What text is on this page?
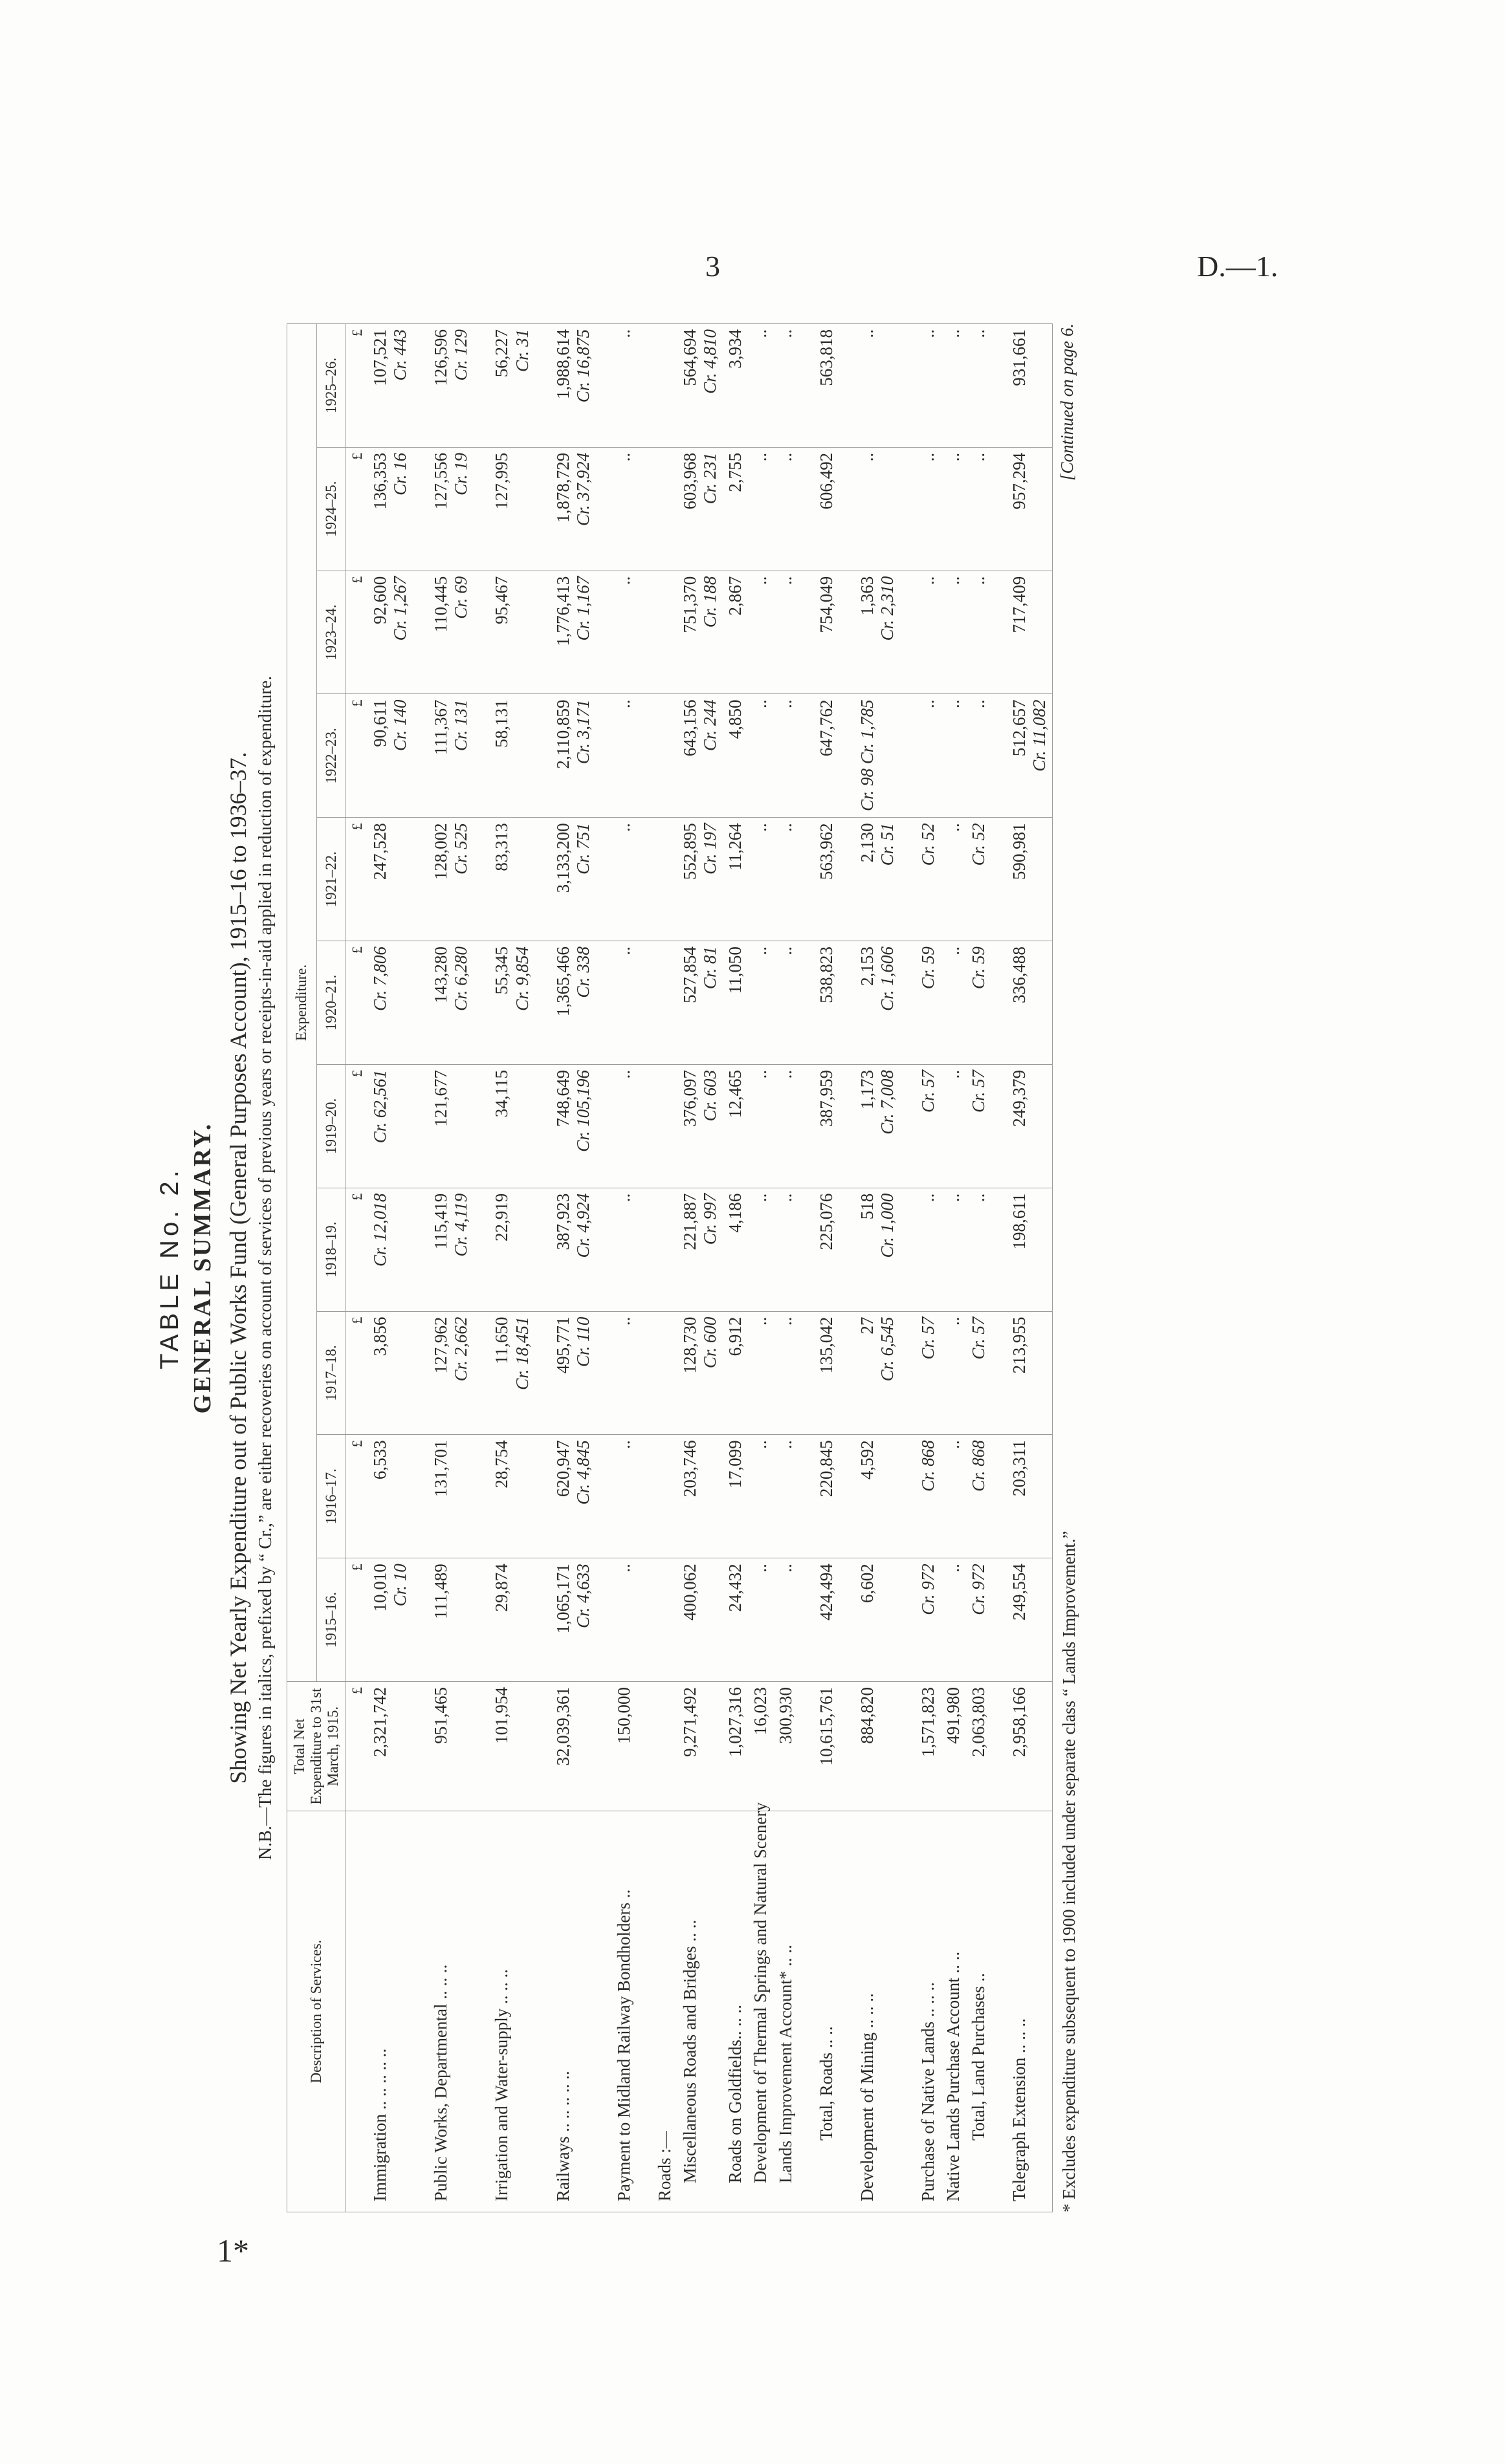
3	D.—1.
1*
TABLE No. 2. GENERAL SUMMARY. Showing Net Yearly Expenditure out of Public Works Fund (General Purposes Account), 1915–16 to 1936–37. N.B.—The figures in italics, prefixed by “ Cr.,” are either recoveries on account of services of previous years or receipts-in-aid applied in reduction of expenditure.
Description of Services.	Total Net Expenditure to 31st March, 1915.	Expenditure.										
		1915–16.	1916–17.	1917–18.	1918–19.	1919–20.	1920–21.	1921–22.	1922–23.	1923–24.	1924–25.	1925–26.
	£	£	£	£	£	£	£	£	£	£	£	£
Immigration .. .. .. .. ..	2,321,742	10,010 Cr. 10	6,533	3,856	Cr. 12,018	Cr. 62,561	Cr. 7,806	247,528	90,611 Cr. 140	92,600 Cr. 1,267	136,353 Cr. 16	107,521 Cr. 443

Public Works, Departmental .. .. ..	951,465	111,489	131,701	127,962 Cr. 2,662	115,419 Cr. 4,119	121,677	143,280 Cr. 6,280	128,002 Cr. 525	111,367 Cr. 131	110,445 Cr. 69	127,556 Cr. 19	126,596 Cr. 129

Irrigation and Water-supply .. .. ..	101,954	29,874	28,754	11,650 Cr. 18,451	22,919	34,115	55,345 Cr. 9,854	83,313	58,131	95,467	127,995	56,227 Cr. 31

Railways .. .. .. .. ..	32,039,361	1,065,171 Cr. 4,633	620,947 Cr. 4,845	495,771 Cr. 110	387,923 Cr. 4,924	748,649 Cr. 105,196	1,365,466 Cr. 338	3,133,200 Cr. 751	2,110,859 Cr. 3,171	1,776,413 Cr. 1,167	1,878,729 Cr. 37,924	1,988,614 Cr. 16,875

Payment to Midland Railway Bondholders ..	150,000	..	..	..	..	..	..	..	..	..	..	..

Roads :—		

Miscellaneous Roads and Bridges .. ..	9,271,492	400,062	203,746	128,730 Cr. 600	221,887 Cr. 997	376,097 Cr. 603	527,854 Cr. 81	552,895 Cr. 197	643,156 Cr. 244	751,370 Cr. 188	603,968 Cr. 231	564,694 Cr. 4,810

Roads on Goldfields.. .. ..	1,027,316	24,432	17,099	6,912	4,186	12,465	11,050	11,264	4,850	2,867	2,755	3,934

Development of Thermal Springs and Natural Scenery	16,023	..	..	..	..	..	..	..	..	..	..	..

Lands Improvement Account* .. ..	300,930	..	..	..	..	..	..	..	..	..	..	..

Total, Roads .. ..	10,615,761	424,494	220,845	135,042	225,076	387,959	538,823	563,962	647,762	754,049	606,492	563,818

Development of Mining .. .. ..	884,820	6,602	4,592	27 Cr. 6,545	518 Cr. 1,000	1,173 Cr. 7,008	2,153 Cr. 1,606	2,130 Cr. 51	Cr. 98 Cr. 1,785	1,363 Cr. 2,310	..	..

Purchase of Native Lands .. .. ..	1,571,823	Cr. 972	Cr. 868	Cr. 57	..	Cr. 57	Cr. 59	Cr. 52	..	..	..	..

Native Lands Purchase Account .. ..	491,980	..	..	..	..	..	..	..	..	..	..	..

Total, Land Purchases ..	2,063,803	Cr. 972	Cr. 868	Cr. 57	..	Cr. 57	Cr. 59	Cr. 52	..	..	..	..

Telegraph Extension .. .. ..	2,958,166	249,554	203,311	213,955	198,611	249,379	336,488	590,981	512,657 Cr. 11,082	717,409	957,294	931,661
* Excludes expenditure subsequent to 1900 included under separate class “ Lands Improvement.”
[Continued on page 6.
